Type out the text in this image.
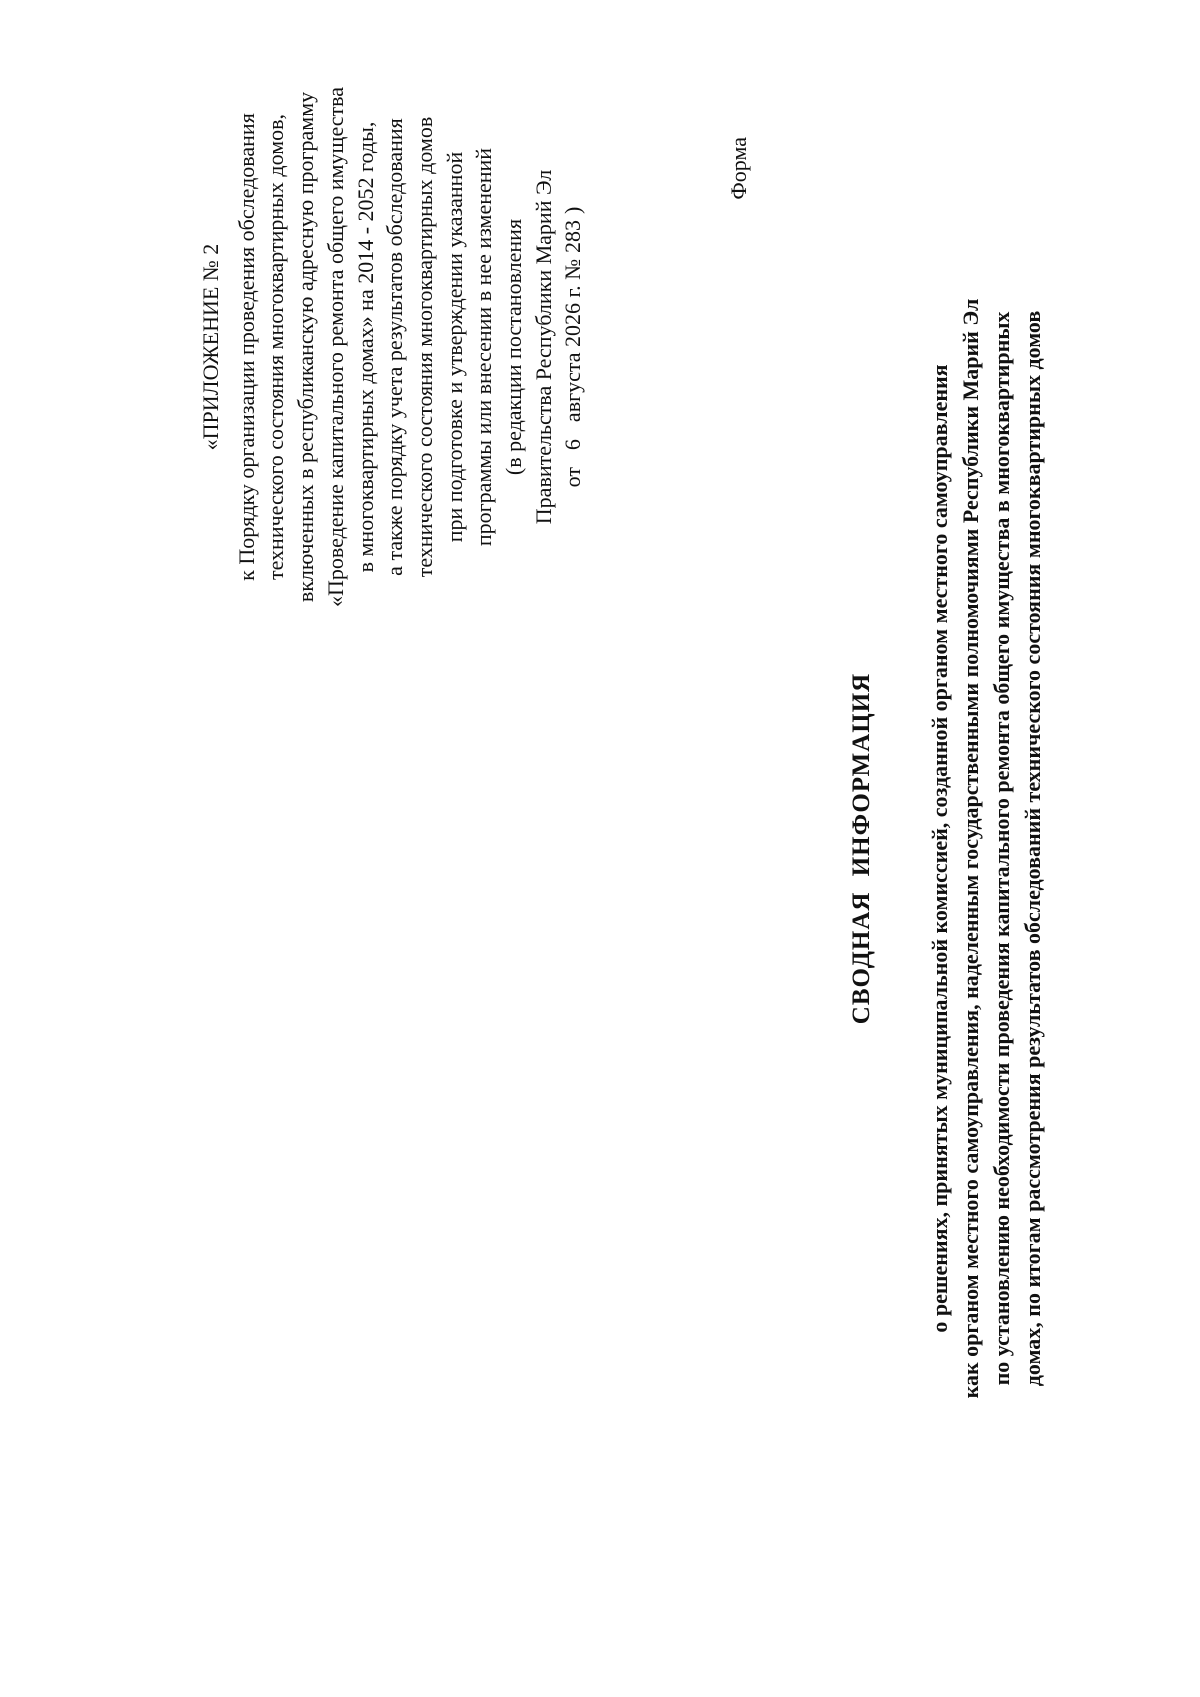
«ПРИЛОЖЕНИЕ № 2 к Порядку организации проведения обследования технического состояния многоквартирных домов, включенных в республиканскую адресную программу «Проведение капитального ремонта общего имущества в многоквартирных домах» на 2014 - 2052 годы, а также порядку учета результатов обследования технического состояния многоквартирных домов при подготовке и утверждении указанной программы или внесении в нее изменений (в редакции постановления Правительства Республики Марий Эл от 6 августа 2026 г. № 283 )
Форма
СВОДНАЯ ИНФОРМАЦИЯ о решениях, принятых муниципальной комиссией, созданной органом местного самоуправления как органом местного самоуправления, наделенным государственными полномочиями Республики Марий Эл по установлению необходимости проведения капитального ремонта общего имущества в многоквартирных домах, по итогам рассмотрения результатов обследований технического состояния многоквартирных домов
